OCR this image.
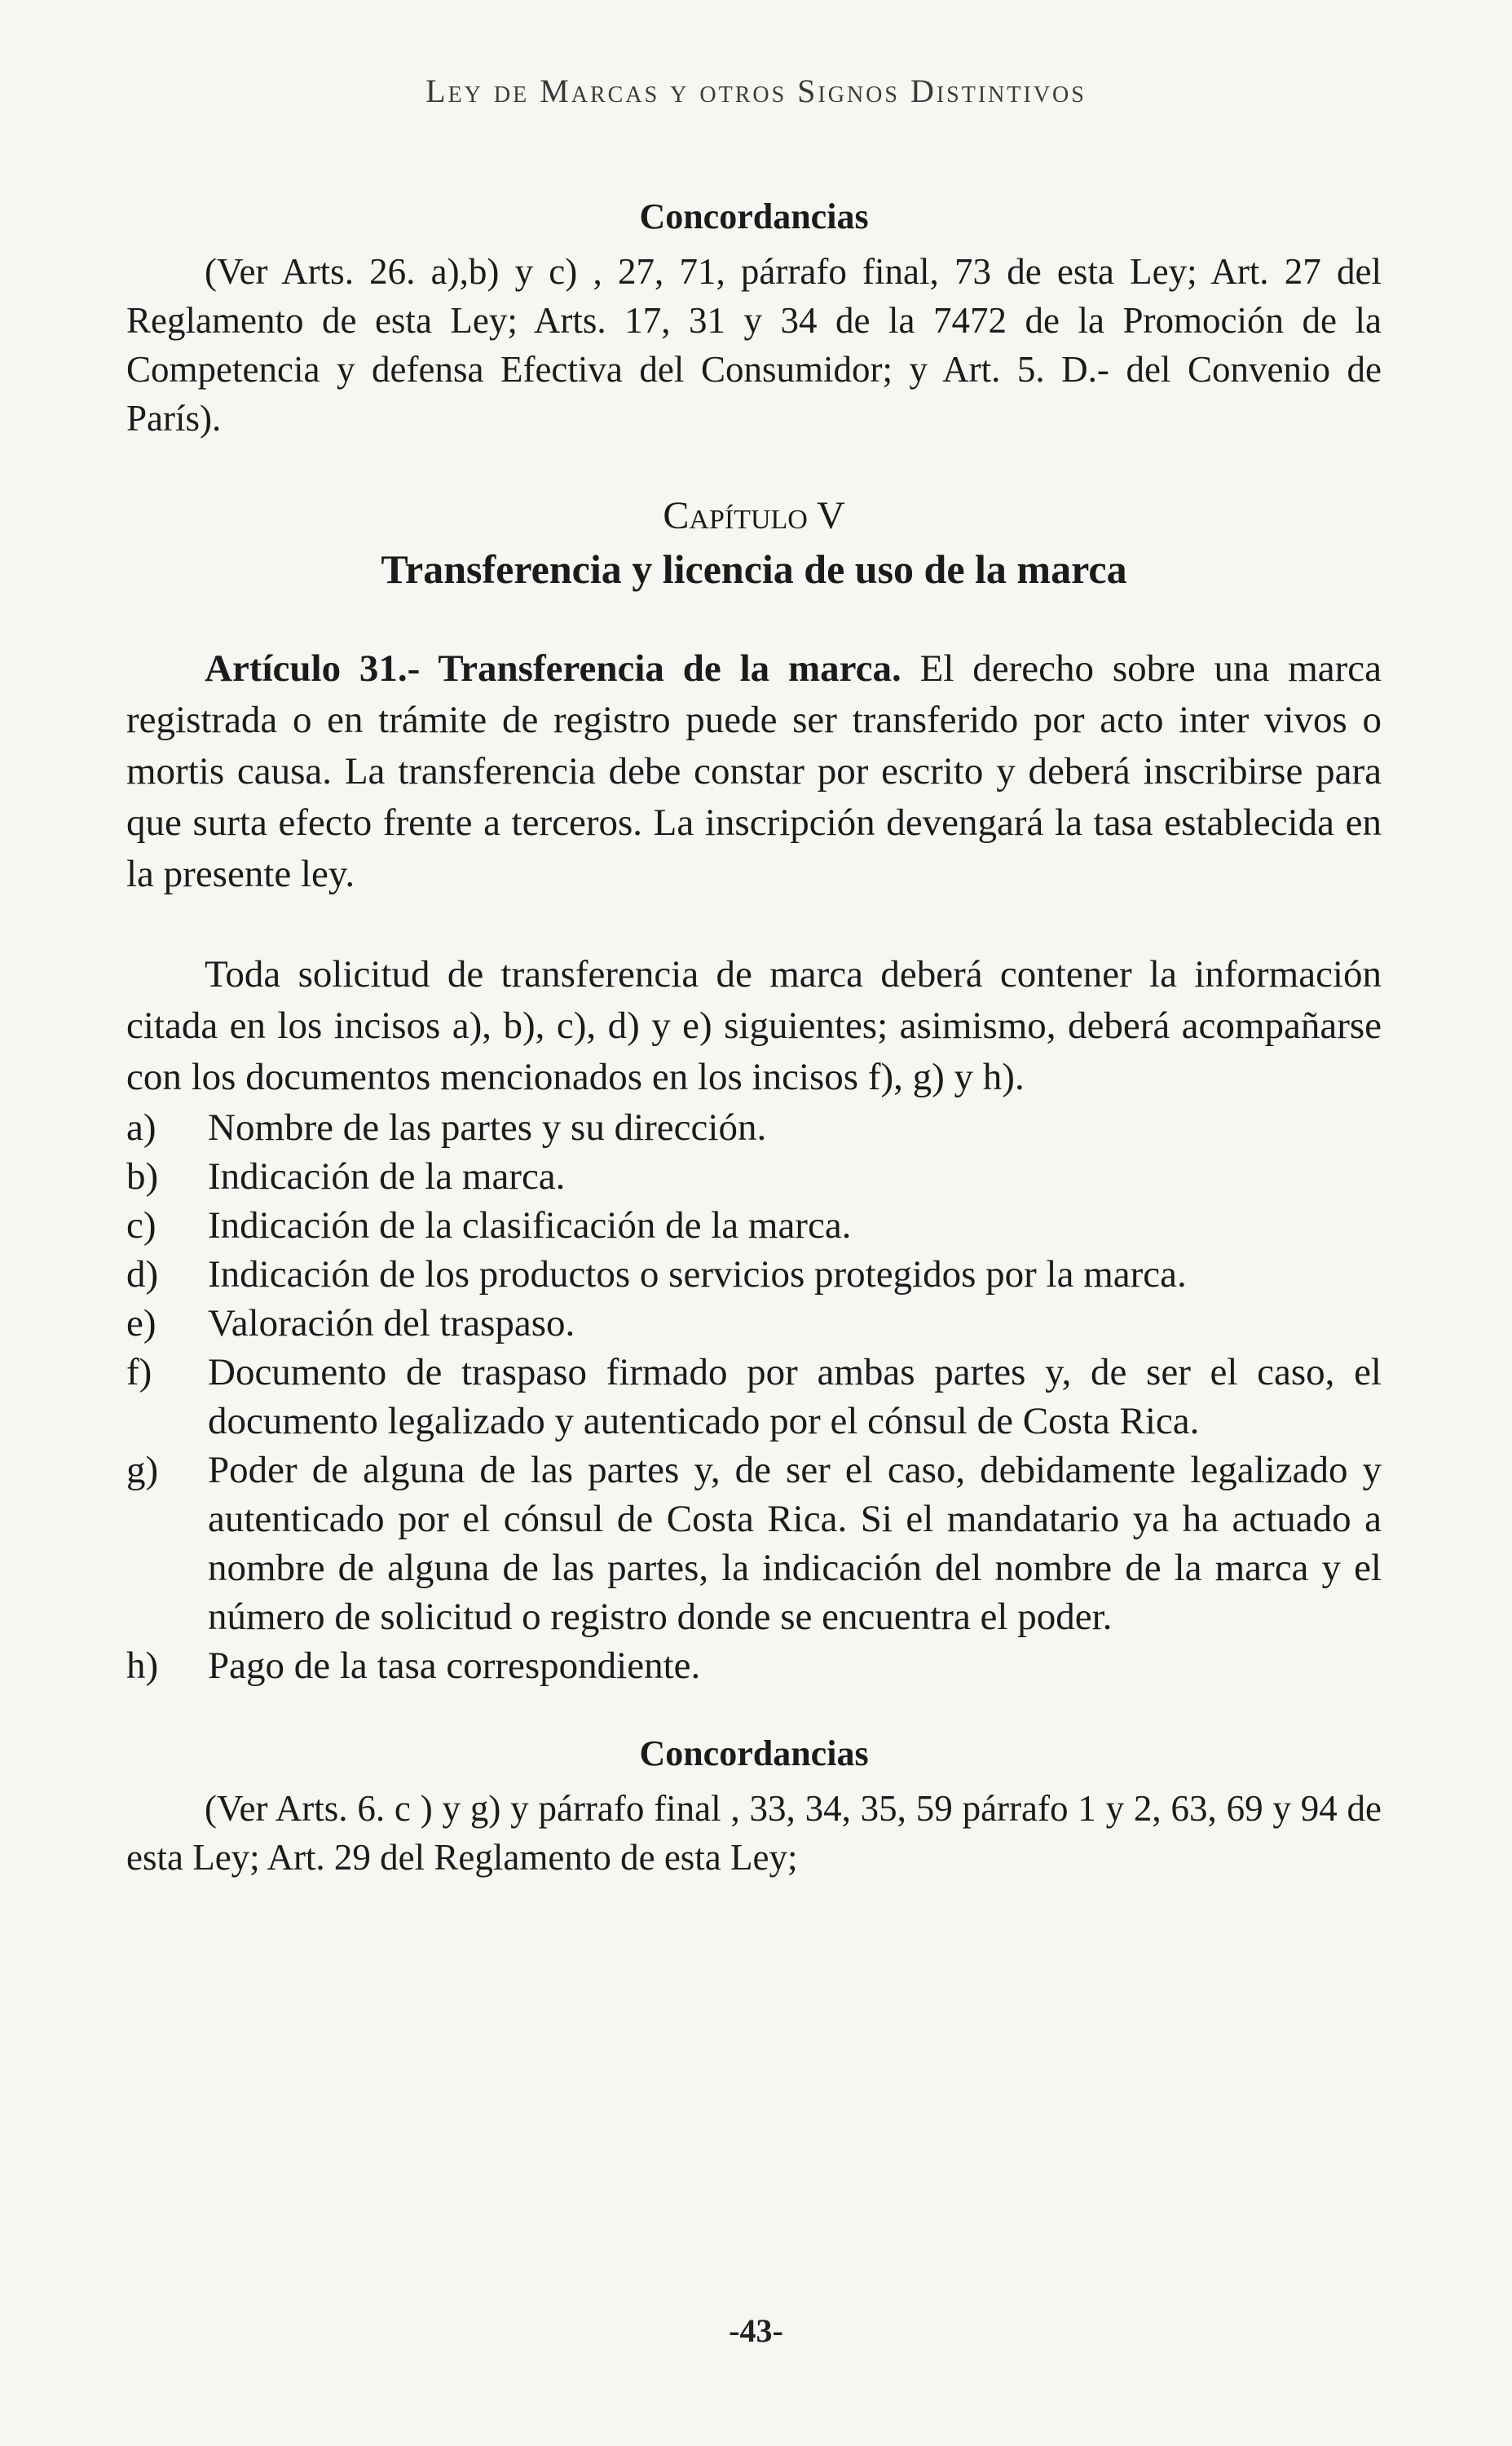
Ley de Marcas y otros Signos Distintivos
Concordancias

(Ver Arts. 26. a),b) y c) , 27, 71, párrafo final, 73 de esta Ley; Art. 27 del Reglamento de esta Ley; Arts. 17, 31 y 34 de la 7472 de la Promoción de la Competencia y defensa Efectiva del Consumidor; y Art. 5. D.- del Convenio de París).

Capítulo V
Transferencia y licencia de uso de la marca

Artículo 31.- Transferencia de la marca. El derecho sobre una marca registrada o en trámite de registro puede ser transferido por acto inter vivos o mortis causa. La transferencia debe constar por escrito y deberá inscribirse para que surta efecto frente a terceros. La inscripción devengará la tasa establecida en la presente ley.

Toda solicitud de transferencia de marca deberá contener la información citada en los incisos a), b), c), d) y e) siguientes; asimismo, deberá acompañarse con los documentos mencionados en los incisos f), g) y h).

a)	Nombre de las partes y su dirección.
b)	Indicación de la marca.
c)	Indicación de la clasificación de la marca.
d)	Indicación de los productos o servicios protegidos por la marca.
e)	Valoración del traspaso.
f)	Documento de traspaso firmado por ambas partes y, de ser el caso, el documento legalizado y autenticado por el cónsul de Costa Rica.
g)	Poder de alguna de las partes y, de ser el caso, debidamente legalizado y autenticado por el cónsul de Costa Rica. Si el mandatario ya ha actuado a nombre de alguna de las partes, la indicación del nombre de la marca y el número de solicitud o registro donde se encuentra el poder.
h)	Pago de la tasa correspondiente.
Concordancias

(Ver Arts. 6. c ) y g) y párrafo final , 33, 34, 35, 59 párrafo 1 y 2, 63, 69 y 94 de esta Ley; Art. 29 del Reglamento de esta Ley;

-43-
